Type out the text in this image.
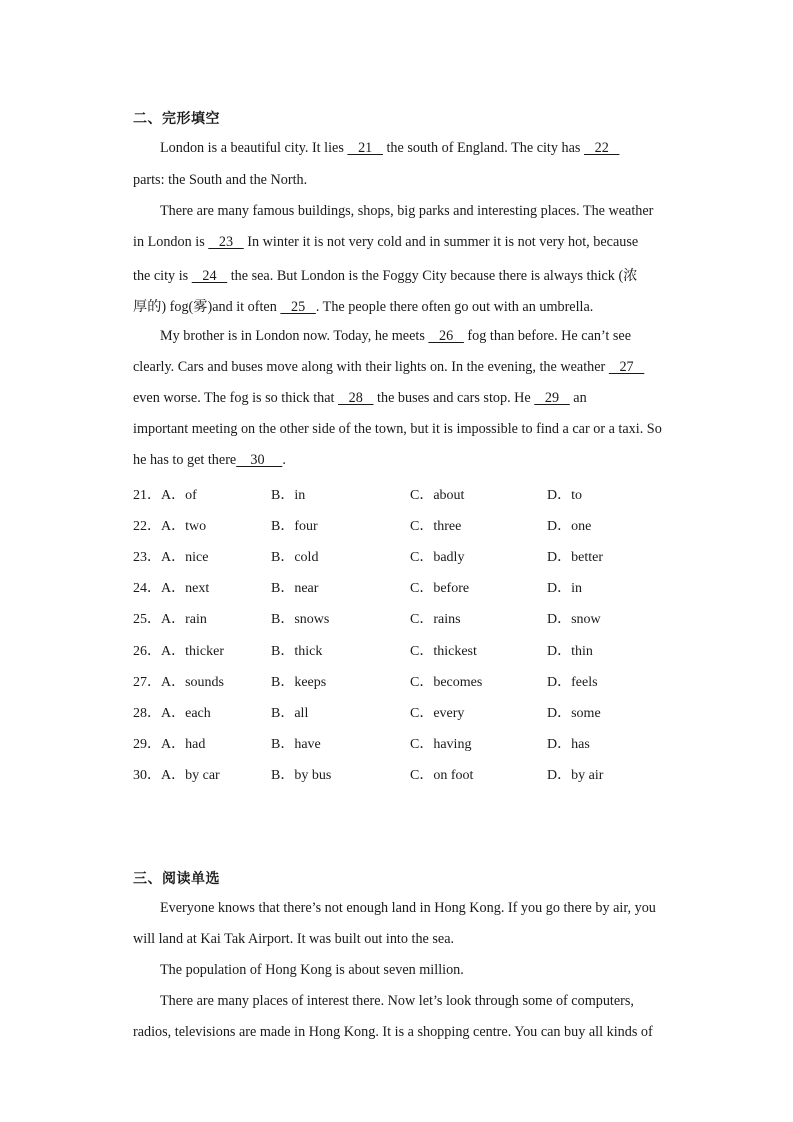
二、完形填空
London is a beautiful city. It lies    21    the south of England. The city has    22
parts: the South and the North.
There are many famous buildings, shops, big parks and interesting places. The weather
in London is    23    In winter it is not very cold and in summer it is not very hot, because
the city is    24    the sea. But London is the Foggy City because there is always thick (浓
厚的) fog(雾)and it often    25   . The people there often go out with an umbrella.
My brother is in London now. Today, he meets    26    fog than before. He can’t see
clearly. Cars and buses move along with their lights on. In the evening, the weather    27
even worse. The fog is so thick that    28    the buses and cars stop. He    29    an
important meeting on the other side of the town, but it is impossible to find a car or a taxi. So
he has to get there    30     .
21． A．of	B．in	C．about	D．to
22． A．two	B．four	C．three	D．one
23． A．nice	B．cold	C．badly	D．better
24． A．next	B．near	C．before	D．in
25． A．rain	B．snows	C．rains	D．snow
26． A．thicker	B．thick	C．thickest	D．thin
27． A．sounds	B．keeps	C．becomes	D．feels
28． A．each	B．all	C．every	D．some
29． A．had	B．have	C．having	D．has
30． A．by car	B．by bus	C．on foot	D．by air
三、阅读单选
Everyone knows that there’s not enough land in Hong Kong. If you go there by air, you
will land at Kai Tak Airport. It was built out into the sea.
The population of Hong Kong is about seven million.
There are many places of interest there. Now let’s look through some of computers,
radios, televisions are made in Hong Kong. It is a shopping centre. You can buy all kinds of
